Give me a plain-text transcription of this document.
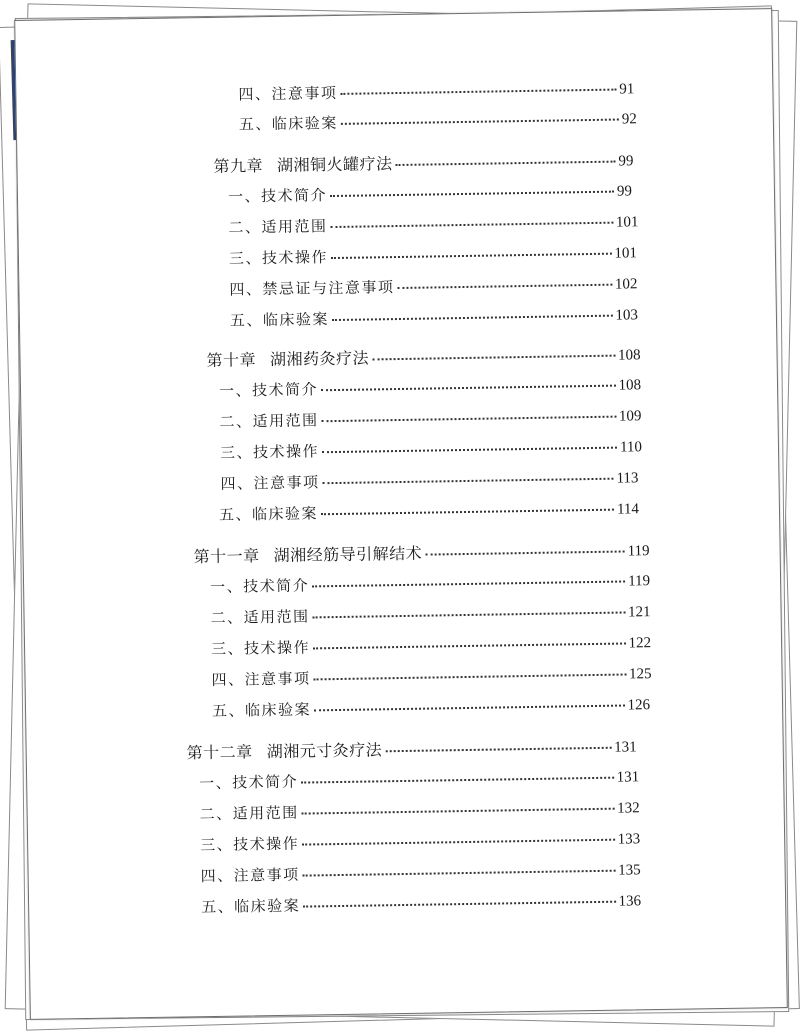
四、注意事项	91
五、临床验案	92
第九章 湖湘铜火罐疗法	99
一、技术简介	99
二、适用范围	101
三、技术操作	101
四、禁忌证与注意事项	102
五、临床验案	103
第十章 湖湘药灸疗法	108
一、技术简介	108
二、适用范围	109
三、技术操作	110
四、注意事项	113
五、临床验案	114
第十一章 湖湘经筋导引解结术	119
一、技术简介	119
二、适用范围	121
三、技术操作	122
四、注意事项	125
五、临床验案	126
第十二章 湖湘元寸灸疗法	131
一、技术简介	131
二、适用范围	132
三、技术操作	133
四、注意事项	135
五、临床验案	136
